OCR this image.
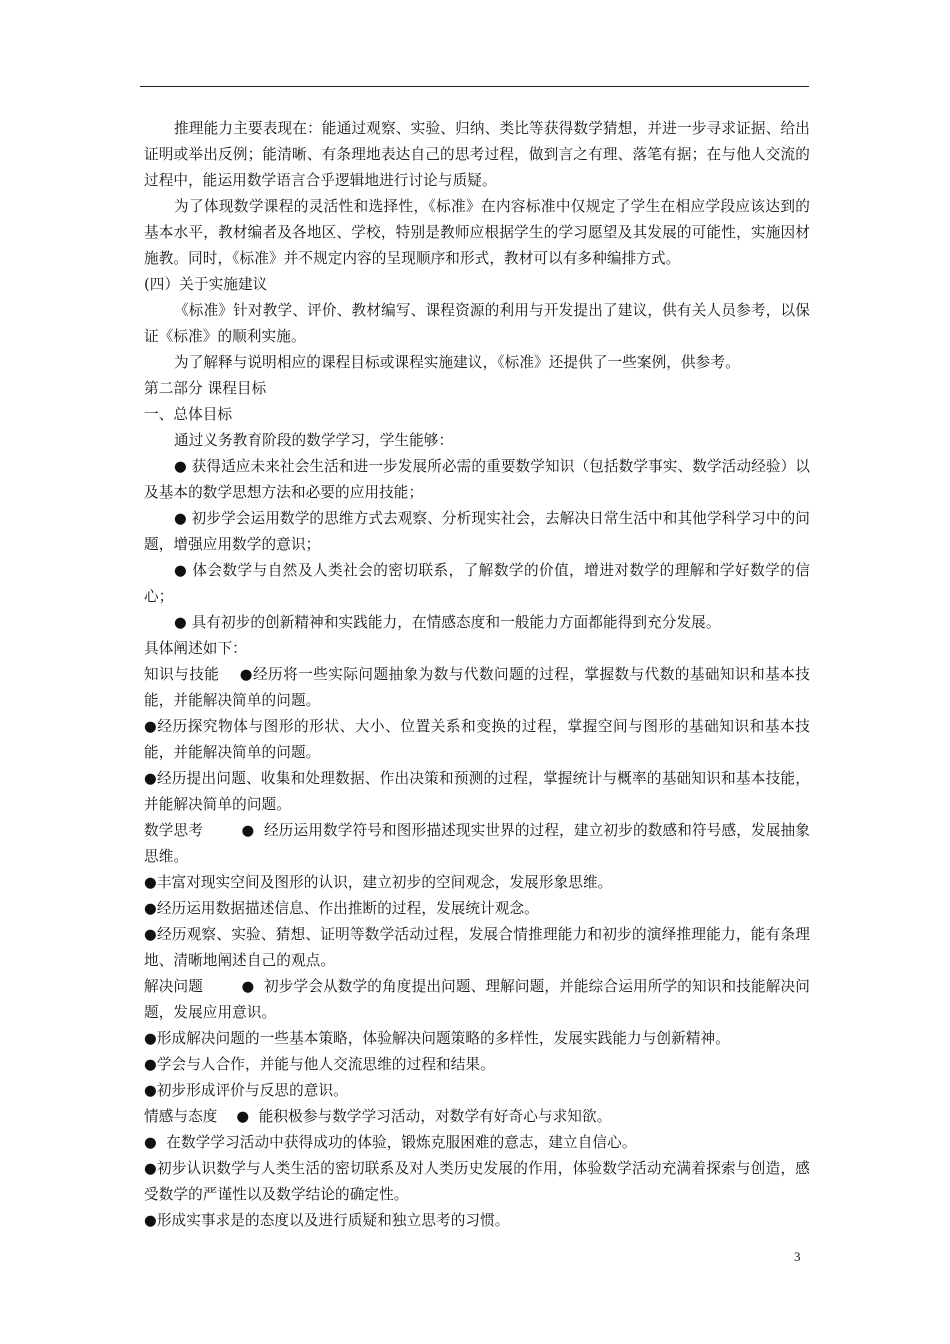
推理能力主要表现在：能通过观察、实验、归纳、类比等获得数学猜想，并进一步寻求证据、给出证明或举出反例；能清晰、有条理地表达自己的思考过程，做到言之有理、落笔有据；在与他人交流的过程中，能运用数学语言合乎逻辑地进行讨论与质疑。

为了体现数学课程的灵活性和选择性，《标准》在内容标准中仅规定了学生在相应学段应该达到的基本水平，教材编者及各地区、学校，特别是教师应根据学生的学习愿望及其发展的可能性，实施因材施教。同时，《标准》并不规定内容的呈现顺序和形式，教材可以有多种编排方式。

(四）关于实施建议

《标准》针对教学、评价、教材编写、课程资源的利用与开发提出了建议，供有关人员参考，以保证《标准》的顺利实施。

为了解释与说明相应的课程目标或课程实施建议，《标准》还提供了一些案例，供参考。

第二部分 课程目标

一、总体目标

通过义务教育阶段的数学学习，学生能够：

● 获得适应未来社会生活和进一步发展所必需的重要数学知识（包括数学事实、数学活动经验）以及基本的数学思想方法和必要的应用技能；

● 初步学会运用数学的思维方式去观察、分析现实社会，去解决日常生活中和其他学科学习中的问题，增强应用数学的意识；

● 体会数学与自然及人类社会的密切联系，了解数学的价值，增进对数学的理解和学好数学的信心；

● 具有初步的创新精神和实践能力，在情感态度和一般能力方面都能得到充分发展。

具体阐述如下：

知识与技能    ●经历将一些实际问题抽象为数与代数问题的过程，掌握数与代数的基础知识和基本技能，并能解决简单的问题。

●经历探究物体与图形的形状、大小、位置关系和变换的过程，掌握空间与图形的基础知识和基本技能，并能解决简单的问题。

●经历提出问题、收集和处理数据、作出决策和预测的过程，掌握统计与概率的基础知识和基本技能，并能解决简单的问题。

数学思考        ●  经历运用数学符号和图形描述现实世界的过程，建立初步的数感和符号感，发展抽象思维。

●丰富对现实空间及图形的认识，建立初步的空间观念，发展形象思维。

●经历运用数据描述信息、作出推断的过程，发展统计观念。

●经历观察、实验、猜想、证明等数学活动过程，发展合情推理能力和初步的演绎推理能力，能有条理地、清晰地阐述自己的观点。

解决问题        ●  初步学会从数学的角度提出问题、理解问题，并能综合运用所学的知识和技能解决问题，发展应用意识。

●形成解决问题的一些基本策略，体验解决问题策略的多样性，发展实践能力与创新精神。

●学会与人合作，并能与他人交流思维的过程和结果。

●初步形成评价与反思的意识。

情感与态度    ●  能积极参与数学学习活动，对数学有好奇心与求知欲。

●  在数学学习活动中获得成功的体验，锻炼克服困难的意志，建立自信心。

●初步认识数学与人类生活的密切联系及对人类历史发展的作用，体验数学活动充满着探索与创造，感受数学的严谨性以及数学结论的确定性。

●形成实事求是的态度以及进行质疑和独立思考的习惯。

3
